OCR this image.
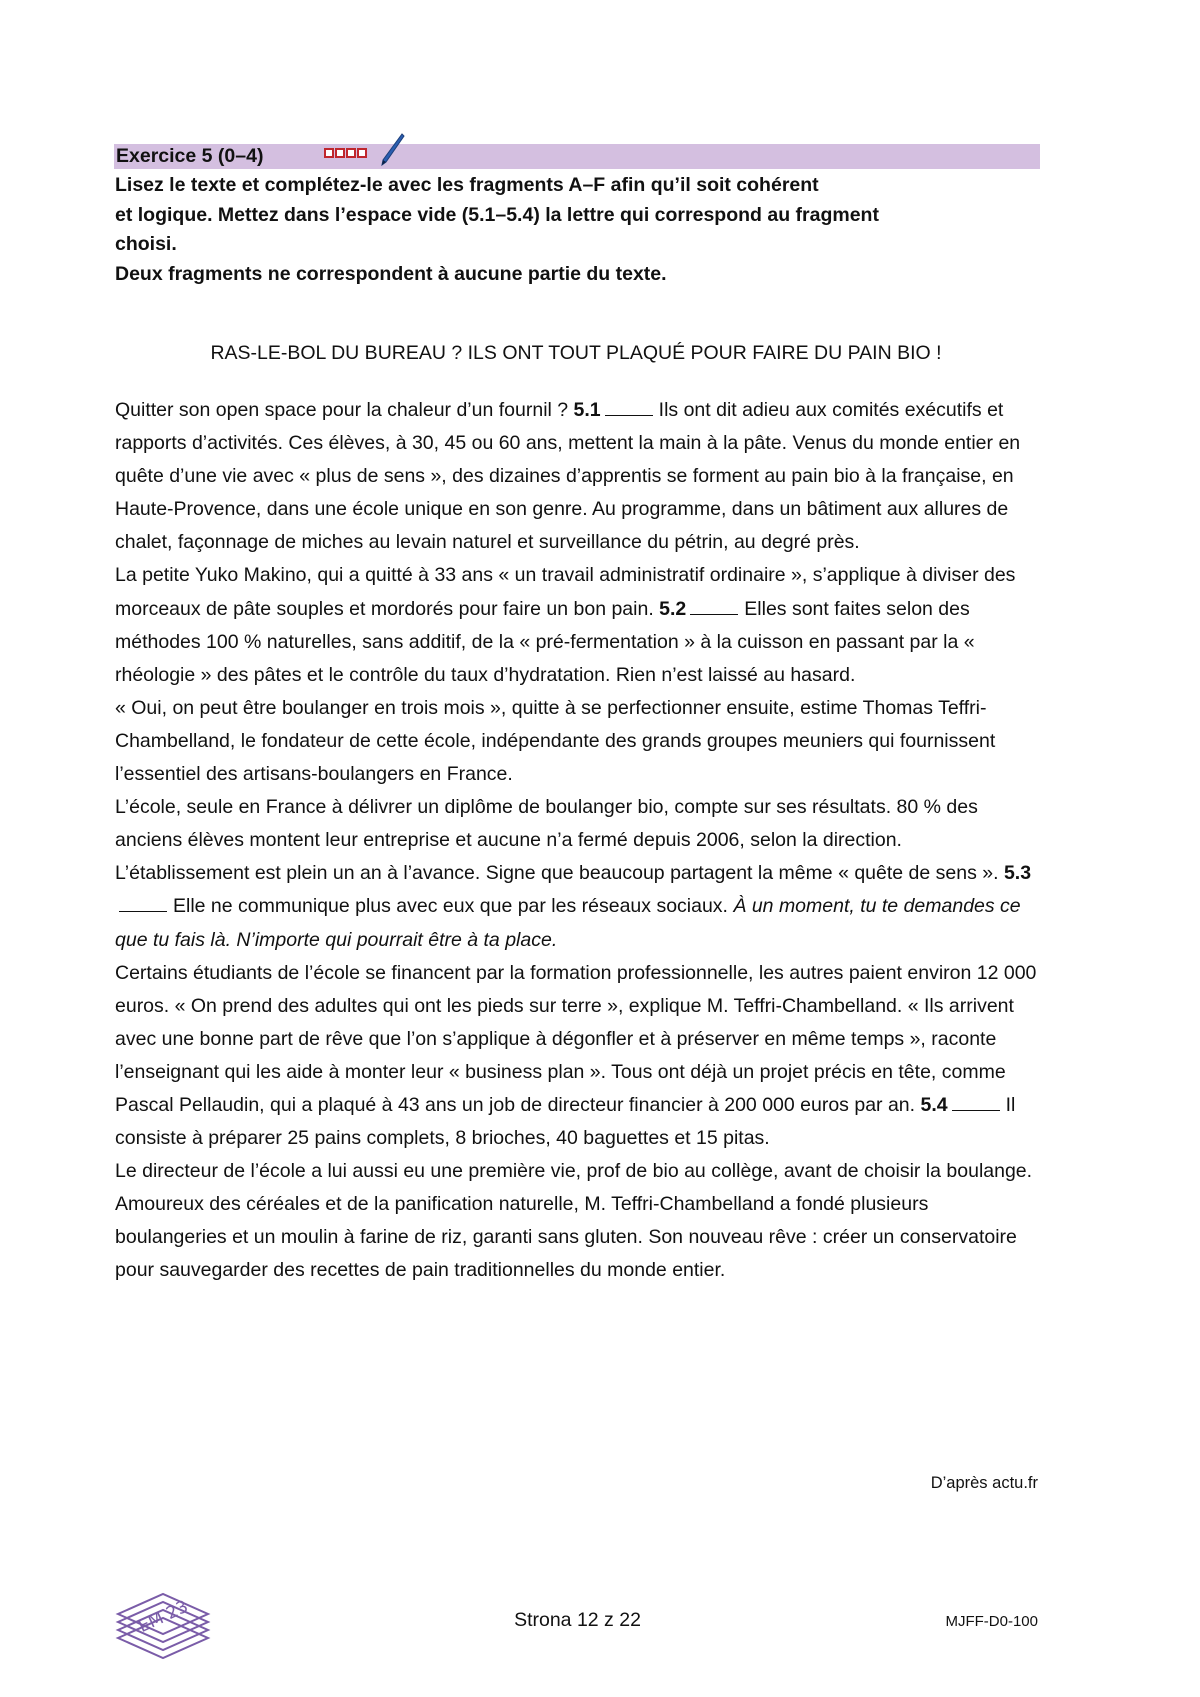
Exercice 5 (0–4)

Lisez le texte et complétez-le avec les fragments A–F afin qu’il soit cohérent

et logique. Mettez dans l’espace vide (5.1–5.4) la lettre qui correspond au fragment

choisi.

Deux fragments ne correspondent à aucune partie du texte.

RAS-LE-BOL DU BUREAU ? ILS ONT TOUT PLAQUÉ POUR FAIRE DU PAIN BIO !

Quitter son open space pour la chaleur d’un fournil ? 5.1	Ils ont dit adieu aux comités exécutifs et rapports d’activités. Ces élèves, à 30, 45 ou 60 ans, mettent la main à la pâte. Venus du monde entier en quête d’une vie avec « plus de sens », des dizaines d’apprentis se forment au pain bio à la française, en Haute-Provence, dans une école unique en son genre. Au programme, dans un bâtiment aux allures de chalet, façonnage de miches au levain naturel et surveillance du pétrin, au degré près.

La petite Yuko Makino, qui a quitté à 33 ans « un travail administratif ordinaire », s’applique à diviser des morceaux de pâte souples et mordorés pour faire un bon pain. 5.2	Elles sont faites selon des méthodes 100 % naturelles, sans additif, de la « pré-fermentation » à la cuisson en passant par la « rhéologie » des pâtes et le contrôle du taux d’hydratation. Rien n’est laissé au hasard.

« Oui, on peut être boulanger en trois mois », quitte à se perfectionner ensuite, estime Thomas Teffri-Chambelland, le fondateur de cette école, indépendante des grands groupes meuniers qui fournissent l’essentiel des artisans-boulangers en France.

L’école, seule en France à délivrer un diplôme de boulanger bio, compte sur ses résultats. 80 % des anciens élèves montent leur entreprise et aucune n’a fermé depuis 2006, selon la direction.

L’établissement est plein un an à l’avance. Signe que beaucoup partagent la même « quête de sens ». 5.3Elle ne communique plus avec eux que par les réseaux sociaux. À un moment, tu te demandes ce que tu fais là. N’importe qui pourrait être à ta place.

Certains étudiants de l’école se financent par la formation professionnelle, les autres paient environ 12 000 euros. « On prend des adultes qui ont les pieds sur terre », explique M. Teffri-Chambelland. « Ils arrivent avec une bonne part de rêve que l’on s’applique à dégonfler et à préserver en même temps », raconte l’enseignant qui les aide à monter leur « business plan ». Tous ont déjà un projet précis en tête, comme Pascal Pellaudin, qui a plaqué à 43 ans un job de directeur financier à 200 000 euros par an. 5.4	Il consiste à préparer 25 pains complets, 8 brioches, 40 baguettes et 15 pitas.

Le directeur de l’école a lui aussi eu une première vie, prof de bio au collège, avant de choisir la boulange. Amoureux des céréales et de la panification naturelle, M. Teffri-Chambelland a fondé plusieurs boulangeries et un moulin à farine de riz, garanti sans gluten. Son nouveau rêve : créer un conservatoire pour sauvegarder des recettes de pain traditionnelles du monde entier.

D’après actu.fr
EM 23	Strona 12 z 22	MJFF-D0-100
